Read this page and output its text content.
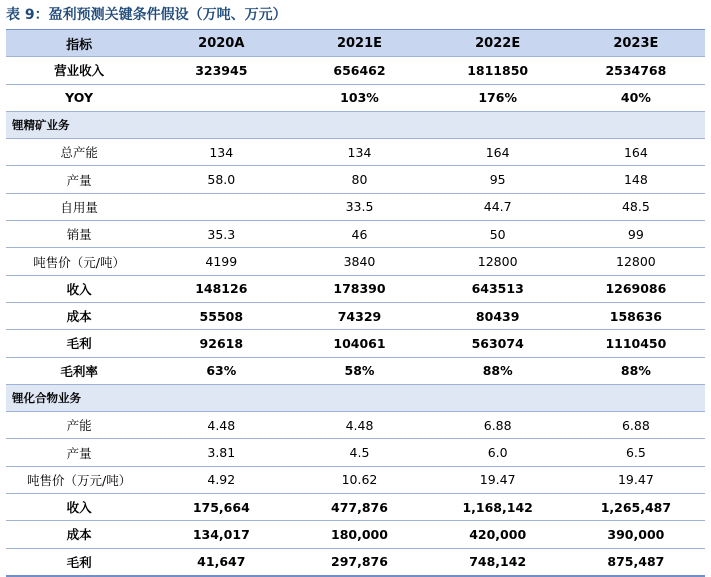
表 9：盈利预测关键条件假设（万吨、万元）
指标	2020A	2021E	2022E	2023E
营业收入	323945	656462	1811850	2534768
YOY		103%	176%	40%
锂精矿业务				
总产能	134	134	164	164
产量	58.0	80	95	148
自用量		33.5	44.7	48.5
销量	35.3	46	50	99
吨售价（元/吨）	4199	3840	12800	12800
收入	148126	178390	643513	1269086
成本	55508	74329	80439	158636
毛利	92618	104061	563074	1110450
毛利率	63%	58%	88%	88%
锂化合物业务				
产能	4.48	4.48	6.88	6.88
产量	3.81	4.5	6.0	6.5
吨售价（万元/吨）	4.92	10.62	19.47	19.47
收入	175,664	477,876	1,168,142	1,265,487
成本	134,017	180,000	420,000	390,000
毛利	41,647	297,876	748,142	875,487
